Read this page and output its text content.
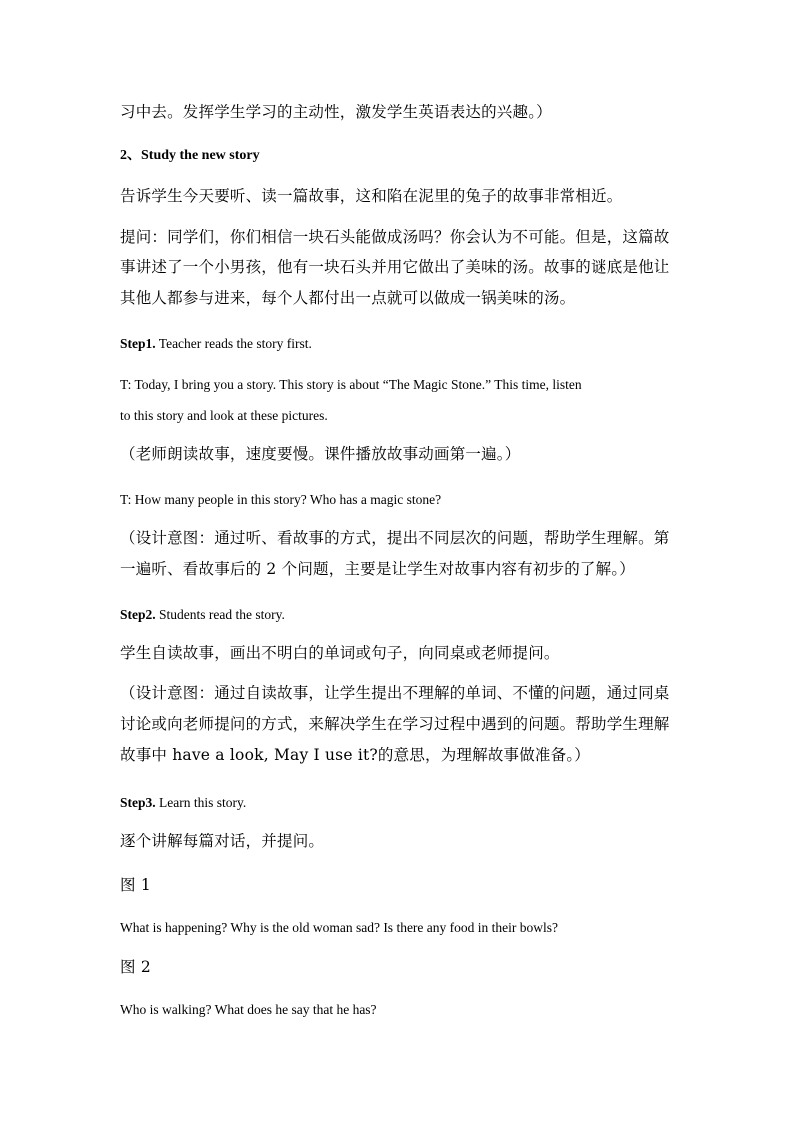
习中去。发挥学生学习的主动性，激发学生英语表达的兴趣。）
2、Study the new story
告诉学生今天要听、读一篇故事，这和陷在泥里的兔子的故事非常相近。
提问：同学们，你们相信一块石头能做成汤吗？你会认为不可能。但是，这篇故
事讲述了一个小男孩，他有一块石头并用它做出了美味的汤。故事的谜底是他让
其他人都参与进来，每个人都付出一点就可以做成一锅美味的汤。
Step1. Teacher reads the story first.
T: Today, I bring you a story. This story is about “The Magic Stone.” This time, listen
to this story and look at these pictures.
（老师朗读故事，速度要慢。课件播放故事动画第一遍。）
T: How many people in this story? Who has a magic stone?
（设计意图：通过听、看故事的方式，提出不同层次的问题，帮助学生理解。第
一遍听、看故事后的 2 个问题，主要是让学生对故事内容有初步的了解。）
Step2. Students read the story.
学生自读故事，画出不明白的单词或句子，向同桌或老师提问。
（设计意图：通过自读故事，让学生提出不理解的单词、不懂的问题，通过同桌
讨论或向老师提问的方式，来解决学生在学习过程中遇到的问题。帮助学生理解
故事中 have a look, May I use it?的意思，为理解故事做准备。）
Step3. Learn this story.
逐个讲解每篇对话，并提问。
图 1
What is happening? Why is the old woman sad? Is there any food in their bowls?
图 2
Who is walking? What does he say that he has?
